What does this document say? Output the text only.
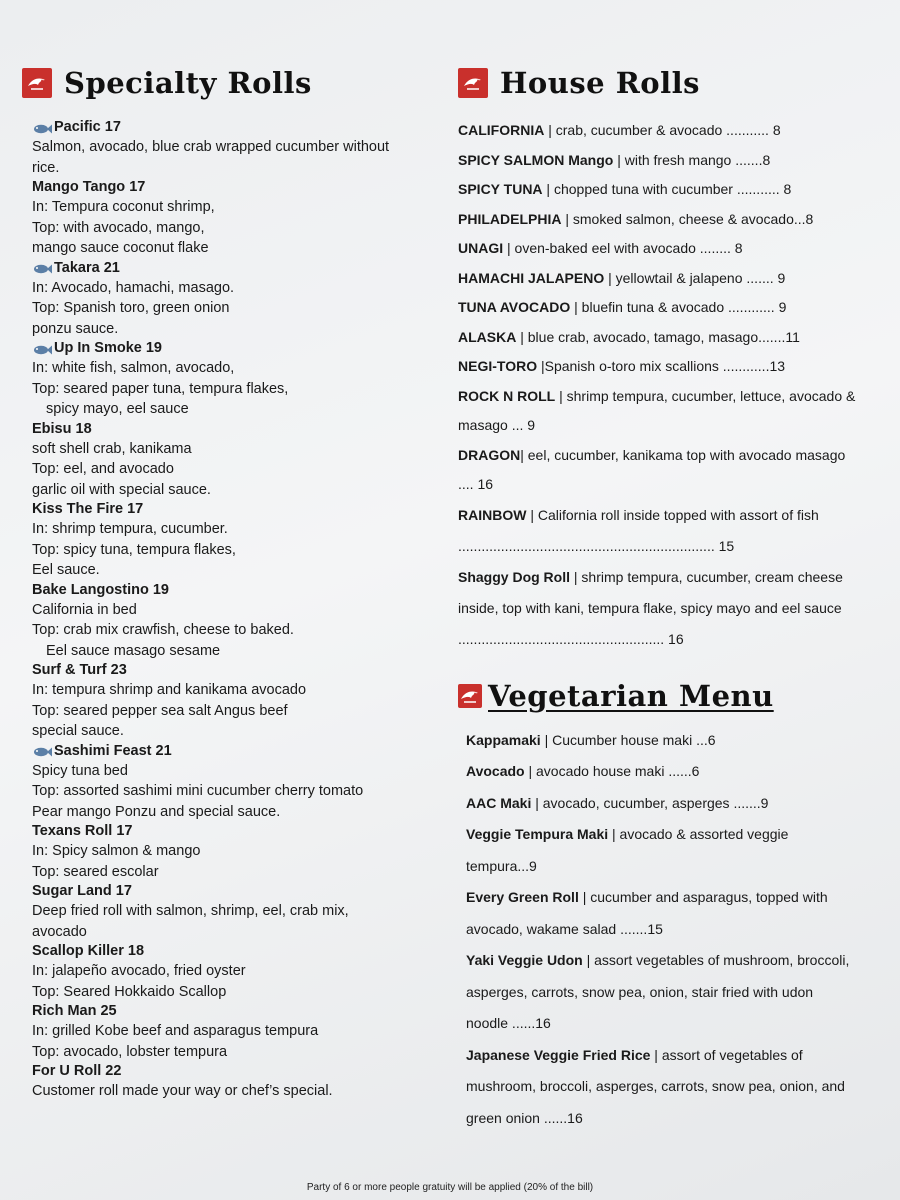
Specialty Rolls
Pacific 17
Salmon, avocado, blue crab wrapped cucumber without
rice.
Mango Tango 17
In: Tempura coconut shrimp,
Top: with avocado, mango,
mango sauce coconut flake
Takara 21
In: Avocado, hamachi, masago.
Top: Spanish toro, green onion
ponzu sauce.
Up In Smoke 19
In: white fish, salmon, avocado,
Top: seared paper tuna, tempura flakes,
spicy mayo, eel sauce
Ebisu 18
soft shell crab, kanikama
Top: eel, and avocado
garlic oil with special sauce.
Kiss The Fire 17
In: shrimp tempura, cucumber.
Top: spicy tuna, tempura flakes,
Eel sauce.
Bake Langostino 19
California in bed
Top: crab mix crawfish, cheese to baked.
Eel sauce masago sesame
Surf & Turf 23
In: tempura shrimp and kanikama avocado
Top: seared pepper sea salt Angus beef
special sauce.
Sashimi Feast 21
Spicy tuna bed
Top: assorted sashimi mini cucumber cherry tomato
Pear mango Ponzu and special sauce.
Texans Roll 17
In: Spicy salmon & mango
Top: seared escolar
Sugar Land 17
Deep fried roll with salmon, shrimp, eel, crab mix,
avocado
Scallop Killer 18
In: jalapeño avocado, fried oyster
Top: Seared Hokkaido Scallop
Rich Man 25
In: grilled Kobe beef and asparagus tempura
Top: avocado, lobster tempura
For U Roll 22
Customer roll made your way or chef’s special.
House Rolls
CALIFORNIA | crab, cucumber & avocado ........... 8
SPICY SALMON Mango | with fresh mango .......8
SPICY TUNA | chopped tuna with cucumber ........... 8
PHILADELPHIA | smoked salmon, cheese & avocado...8
UNAGI | oven-baked eel with avocado ........ 8
HAMACHI JALAPENO | yellowtail & jalapeno ....... 9
TUNA AVOCADO | bluefin tuna & avocado ............ 9
ALASKA | blue crab, avocado, tamago, masago.......11
NEGI-TORO |Spanish o-toro mix scallions ............13
ROCK N ROLL | shrimp tempura, cucumber, lettuce, avocado & masago ... 9
DRAGON| eel, cucumber, kanikama top with avocado masago .... 16
RAINBOW | California roll inside topped with assort of fish .................................................................. 15
Shaggy Dog Roll | shrimp tempura, cucumber, cream cheese inside, top with kani, tempura flake, spicy mayo and eel sauce ..................................................... 16
Vegetarian Menu
Kappamaki | Cucumber house maki ...6
Avocado | avocado house maki ......6
AAC Maki | avocado, cucumber, asperges .......9
Veggie Tempura Maki | avocado & assorted veggie tempura...9
Every Green Roll | cucumber and asparagus, topped with avocado, wakame salad .......15
Yaki Veggie Udon | assort vegetables of mushroom, broccoli, asperges, carrots, snow pea, onion, stair fried with udon noodle ......16
Japanese Veggie Fried Rice | assort of vegetables of mushroom, broccoli, asperges, carrots, snow pea, onion, and green onion ......16
Party of 6 or more people gratuity will be applied (20% of the bill)
